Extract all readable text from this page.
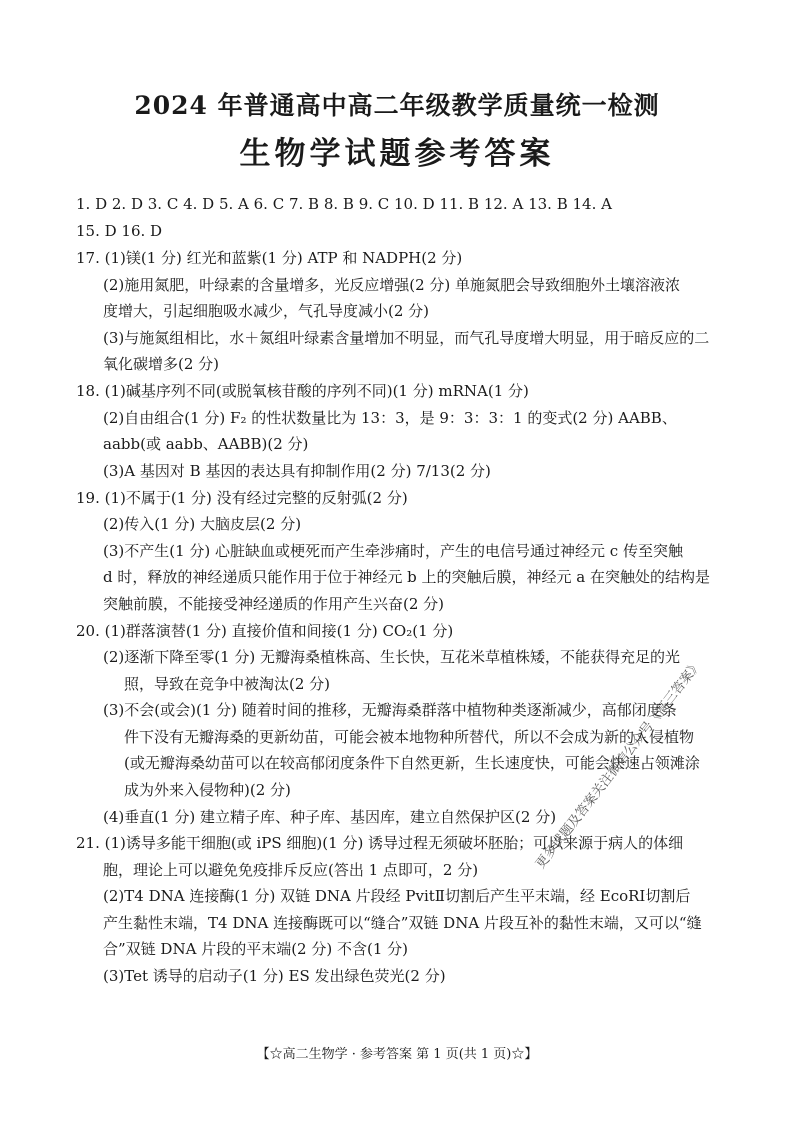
2024 年普通高中高二年级教学质量统一检测
生物学试题参考答案
1. D 2. D 3. C 4. D 5. A 6. C 7. B 8. B 9. C 10. D 11. B 12. A 13. B 14. A
15. D 16. D
17. (1)镁(1 分) 红光和蓝紫(1 分) ATP 和 NADPH(2 分)
(2)施用氮肥，叶绿素的含量增多，光反应增强(2 分) 单施氮肥会导致细胞外土壤溶液浓
度增大，引起细胞吸水减少，气孔导度减小(2 分)
(3)与施氮组相比，水＋氮组叶绿素含量增加不明显，而气孔导度增大明显，用于暗反应的二
氧化碳增多(2 分)
18. (1)碱基序列不同(或脱氧核苷酸的序列不同)(1 分) mRNA(1 分)
(2)自由组合(1 分) F₂ 的性状数量比为 13：3，是 9：3：3：1 的变式(2 分) AABB、
aabb(或 aabb、AABB)(2 分)
(3)A 基因对 B 基因的表达具有抑制作用(2 分) 7/13(2 分)
19. (1)不属于(1 分) 没有经过完整的反射弧(2 分)
(2)传入(1 分) 大脑皮层(2 分)
(3)不产生(1 分) 心脏缺血或梗死而产生牵涉痛时，产生的电信号通过神经元 c 传至突触
d 时，释放的神经递质只能作用于位于神经元 b 上的突触后膜，神经元 a 在突触处的结构是
突触前膜，不能接受神经递质的作用产生兴奋(2 分)
20. (1)群落演替(1 分) 直接价值和间接(1 分) CO₂(1 分)
(2)逐渐下降至零(1 分) 无瓣海桑植株高、生长快，互花米草植株矮，不能获得充足的光
照，导致在竞争中被淘汰(2 分)
(3)不会(或会)(1 分) 随着时间的推移，无瓣海桑群落中植物种类逐渐减少，高郁闭度条
件下没有无瓣海桑的更新幼苗，可能会被本地物种所替代，所以不会成为新的入侵植物
(或无瓣海桑幼苗可以在较高郁闭度条件下自然更新，生长速度快，可能会快速占领滩涂
成为外来入侵物种)(2 分)
(4)垂直(1 分) 建立精子库、种子库、基因库，建立自然保护区(2 分)
21. (1)诱导多能干细胞(或 iPS 细胞)(1 分) 诱导过程无须破坏胚胎；可以来源于病人的体细
胞，理论上可以避免免疫排斥反应(答出 1 点即可，2 分)
(2)T4 DNA 连接酶(1 分) 双链 DNA 片段经 PvitⅡ切割后产生平末端，经 EcoRⅠ切割后
产生黏性末端，T4 DNA 连接酶既可以“缝合”双链 DNA 片段互补的黏性末端，又可以“缝
合”双链 DNA 片段的平末端(2 分) 不含(1 分)
(3)Tet 诱导的启动子(1 分) ES 发出绿色荧光(2 分)
【☆高二生物学 · 参考答案 第 1 页(共 1 页)☆】
更多试题及答案关注微信公众号《高三答案》
